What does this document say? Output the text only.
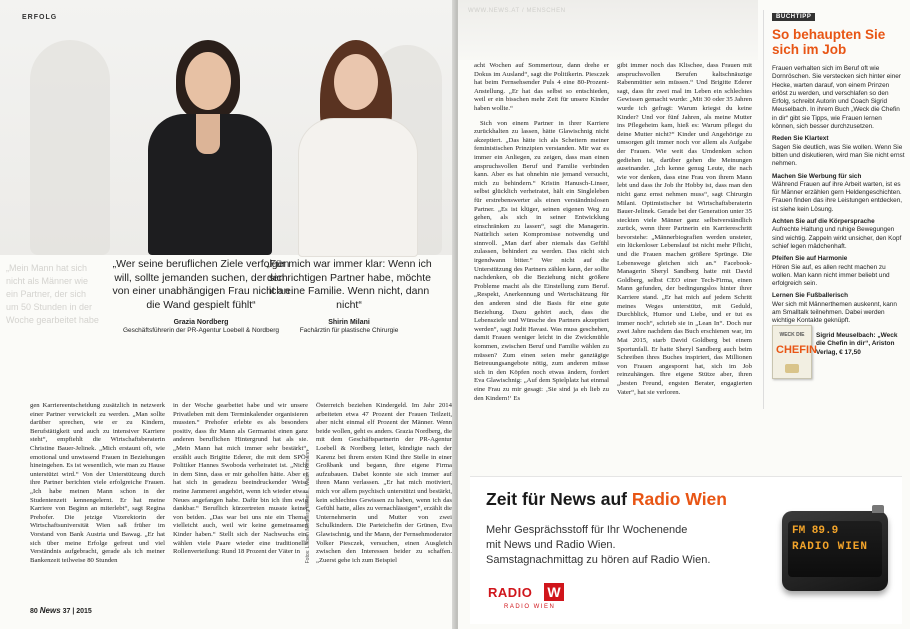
ERFOLG
„Mein Mann hat sich
nicht als Männer wie
ein Partner, der sich
um 50 Stunden in der
Woche gearbeitet habe
„Wer seine beruflichen Ziele verfolgen will, sollte jemanden suchen, der sich von einer unabhängigen Frau nicht an die Wand gespielt fühlt“
Grazia Nordberg
Geschäftsführerin der PR-Agentur Loebell & Nordberg
„Für mich war immer klar: Wenn ich den richtigen Partner habe, möchte ich eine Familie. Wenn nicht, dann nicht“
Shirin Milani
Fachärztin für plastische Chirurgie

gen Karriereentscheidung zusätzlich in netzwerk einer Partner verwickelt zu werden. „Man sollte darüber sprechen, wie er zu Kindern, Berufstätigkeit und auch zu intensiver Karriere steht“, empfiehlt die Wirtschaftsberaterin Christine Bauer-Jelinek. „Mich erstaunt oft, wie emotional und unwissend Frauen in Beziehungen hineingehen. Es ist wesentlich, wie man zu Hause unterstützt wird.“ Von der Unterstützung durch ihre Partner berichten viele erfolgreiche Frauen. „Ich habe meinen Mann schon in der Studentenzeit kennengelernt. Er hat meine Karriere von Beginn an miterlebt“, sagt Regina Prehofer. Die jetzige Vizerektorin der Wirtschaftsuniversität Wien saß früher im Vorstand von Bank Austria und Bawag. „Er hat sich über meine Erfolge gefreut und viel Verständnis aufgebracht, gerade als ich meiner Bankenzeit teilweise 80 Stunden

in der Woche gearbeitet habe und wir unsere Privatleben mit dem Terminkalender organisieren mussten.“ Prehofer erlebte es als besonders positiv, dass ihr Mann als Germanist einen ganz anderen beruflichen Hintergrund hat als sie. „Mein Mann hat mich immer sehr bestärkt“, erzählt auch Brigitte Ederer, die mit dem SPÖ-Politiker Hannes Swoboda verheiratet ist. „Nicht in dem Sinn, dass er mir geholfen hätte. Aber er hat sich in geradezu beeindruckender Weise meine Jammerei angehört, wenn ich wieder etwas Neues angefangen habe. Dafür bin ich ihm ewig dankbar.“ Beruflich kürzertreten musste keiner von beiden. „Das war bei uns nie ein Thema, vielleicht auch, weil wir keine gemeinsamen Kinder haben.“ Stellt sich der Nachwuchs ein, wählen viele Paare wieder eine traditionelle Rollenverteilung: Rund 18 Prozent der Väter in

Österreich beziehen Kindergeld. Im Jahr 2014 arbeiteten etwa 47 Prozent der Frauen Teilzeit, aber nicht einmal elf Prozent der Männer. Wenn beide wollen, geht es anders. Grazia Nordberg, die mit dem Geschäftspartnerin der PR-Agentur Loebell & Nordberg leitet, kündigte nach der Karenz bei ihrem ersten Kind ihre Stelle in einer Großbank und begann, ihre eigene Firma aufzubauen. Dabei konnte sie sich immer auf ihren Mann verlassen. „Er hat mich motiviert, mich vor allem psychisch unterstützt und bestärkt, kein schlechtes Gewissen zu haben, wenn ich das Gefühl hatte, alles zu vernachlässigen“, erzählt die Unternehmerin und Mutter von zwei Schulkindern. Die Parteichefin der Grünen, Eva Glawischnig, und ihr Mann, der Fernsehmoderator Volker Piesczek, versuchen, einen Ausgleich zwischen den Interessen beider zu schaffen. „Zuerst gehe ich zum Beispiel

Fotos: Lisbeth Nordberg/Wolter.L., Walter Hofmann
80 News 37 | 2015
WWW.NEWS.AT / MENSCHEN

acht Wochen auf Sommertour, dann drehe er Dokus im Ausland“, sagt die Politikerin. Piesczek hat beim Fernsehsender Puls 4 eine 80-Prozent-Anstellung. „Er hat das selbst so entschieden, weil er ein bisschen mehr Zeit für unsere Kinder haben wollte.“

Sich von einem Partner in ihrer Karriere zurückhalten zu lassen, hätte Glawischnig nicht akzeptiert. „Das hätte ich als Scheitern meiner feministischen Prinzipien verstanden. Mir war es immer ein Anliegen, zu zeigen, dass man einen anspruchsvollen Beruf und Familie verbinden kann. Aber es hat ohnehin nie jemand versucht, mich zu behindern.“ Kristin Hanusch-Linser, selbst glücklich verheiratet, hält ein Singleleben für erstrebenswerter als einen verständnislosen Partner. „Es ist klüger, seinen eigenen Weg zu gehen, als sich in seiner Entwicklung einschränken zu lassen“, sagt die Managerin. Natürlich seien Kompromisse notwendig und sinnvoll. „Man darf aber niemals das Gefühl zulassen, behindert zu werden. Das rächt sich irgendwann bitter.“ Wer nicht auf die Unterstützung des Partners zählen kann, der sollte nachdenken, ob die Beziehung nicht größere Probleme macht als die Einstellung zum Beruf. „Respekt, Anerkennung und Wertschätzung für den anderen sind die Basis für eine gute Beziehung. Dazu gehört auch, dass die Lebensziele und Wünsche des Partners akzeptiert werden“, sagt Judit Havasi. Was muss geschehen, damit Frauen weniger leicht in die Zwickmühle kommen, zwischen Beruf und Familie wählen zu müssen? Zum einen seien mehr ganztägige Betreuungsangebote nötig, zum anderen müsse sich in den Köpfen noch etwas ändern, fordert Eva Glawischnig: „Auf dem Spielplatz hat einmal eine Frau zu mir gesagt: ‚Sie sind ja eh lieb zu den Kindern!‘ Es

gibt immer noch das Klischee, dass Frauen mit anspruchsvollen Berufen kaltschnäuzige Rabenmütter sein müssen.“ Und Brigitte Ederer sagt, dass ihr zwei mal im Leben ein schlechtes Gewissen gemacht wurde: „Mit 30 oder 35 Jahren wurde ich gefragt: Warum kriegst du keine Kinder? Und vor fünf Jahren, als meine Mutter ins Pflegeheim kam, hieß es: Warum pflegst du deine Mutter nicht?“ Kinder und Angehörige zu umsorgen gilt immer noch vor allem als Aufgabe der Frauen. Wie weit das Umdenken schon gediehen ist, darüber gehen die Meinungen auseinander. „Ich kenne genug Leute, die nach wie vor denken, dass eine Frau von ihrem Mann lebt und dass ihr Job ihr Hobby ist, dass man den nicht ganz ernst nehmen muss“, sagt Chirurgin Milani. Optimistischer ist Wirtschaftsberaterin Bauer-Jelinek. Gerade bei der Generation unter 35 steckten viele Männer ganz selbstverständlich zurück, wenn ihrer Partnerin ein Karriereschritt bevorstehe: „Männerbiografien werden unsteter, ein lückenloser Lebenslauf ist nicht mehr Pflicht, und die Frauen machen größere Sprünge. Die Lebenswege gleichen sich an.“ Facebook-Managerin Sheryl Sandberg hatte mit David Goldberg, selbst CEO einer Tech-Firma, einen Mann gefunden, der bedingungslos hinter ihrer Karriere stand. „Er hat mich auf jedem Schritt meines Weges unterstützt, mit Geduld, Durchblick, Humor und Liebe, und er tut es immer noch“, schrieb sie in „Lean In“. Doch nur zwei Jahre nachdem das Buch erschienen war, im Mai 2015, starb David Goldberg bei einem Sportunfall. Er hatte Sheryl Sandberg auch beim Schreiben ihres Buches inspiriert, das Millionen von Frauen angespornt hat, sich im Job reinzuhängen. Ihre eigene Stütze aber, ihren „besten Freund, engsten Berater, engagierten Vater“, hat sie verloren.

BUCHTIPP
So behaupten Sie sich im Job

Frauen verhalten sich im Beruf oft wie Dornröschen. Sie verstecken sich hinter einer Hecke, warten darauf, von einem Prinzen erlöst zu werden, und verschlafen so den Erfolg, schreibt Autorin und Coach Sigrid Meuselbach. In ihrem Buch „Weck die Chefin in dir“ gibt sie Tipps, wie Frauen lernen können, sich besser durchzusetzen.

Reden Sie Klartext
Sagen Sie deutlich, was Sie wollen. Wenn Sie bitten und diskutieren, wird man Sie nicht ernst nehmen.

Machen Sie Werbung für sich
Während Frauen auf ihre Arbeit warten, ist es für Männer erzählen gern Heldengeschichten. Frauen finden das ihre Leistungen entdecken, ist siehe kein Lösung.

Achten Sie auf die Körpersprache
Aufrechte Haltung und ruhige Bewegungen sind wichtig. Zappeln wirkt unsicher, den Kopf schief legen mädchenhaft.

Pfeifen Sie auf Harmonie
Hören Sie auf, es allen recht machen zu wollen. Man kann nicht immer beliebt und erfolgreich sein.

Lernen Sie Fußballerisch
Wer sich mit Männerthemen auskennt, kann am Smalltalk teilnehmen. Dabei werden wichtige Kontakte geknüpft.

WECK DIE
CHEFIN
Sigrid Meuselbach: „Weck die Chefin in dir“, Ariston Verlag, € 17,50
Zeit für News auf Radio Wien
Mehr Gesprächsstoff für Ihr Wochenende
mit News und Radio Wien.
Samstagnachmittag zu hören auf Radio Wien.
RADIO W
RADIO WIEN
FM 89.9
RADIO WIEN
